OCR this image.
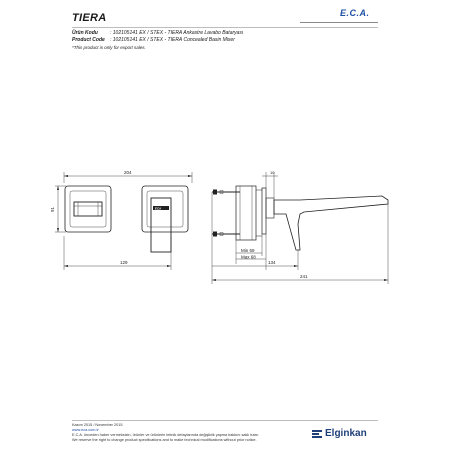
TIERA	E.C.A.
Ürün Kodu : 102105141 EX / STEX - TIERA Ankastre Lavabo Bataryası
Product Code : 102105141 EX / STEX - TIERA Concealed Basin Mixer
*This product is only for export sales.
204
91	ECA
129
10
Min 59
Max 68
134
241
Kasım 2015 / November 2015
www.eca.com.tr
E.C.A. önceden haber vermeksizin, ürünler ve ürünlerin teknik detaylarında değişiklik yapma hakkını saklı tutar.
We reserve the right to change product specifications and to make technical modifications without prior notice.
Elginkan
